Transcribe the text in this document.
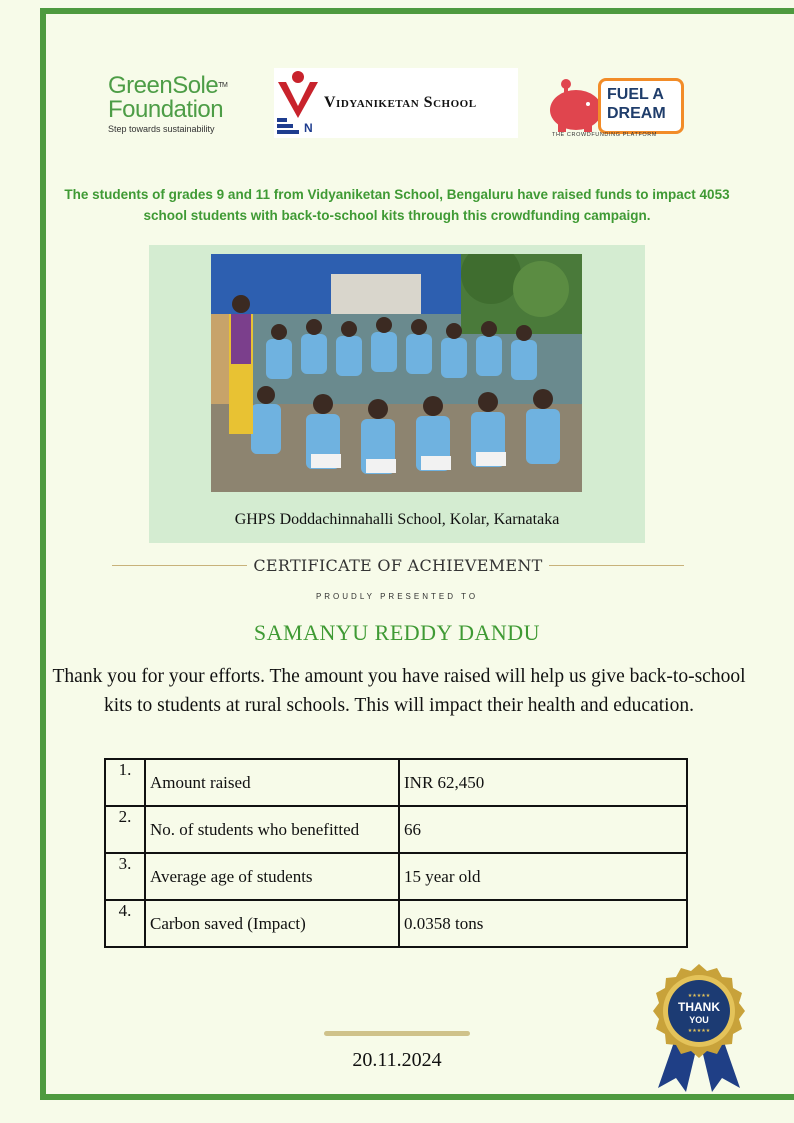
GreenSole™
Foundation
Step towards sustainability	N
Vidyaniketan School	FUEL A
DREAM
THE CROWDFUNDING PLATFORM
The students of grades 9 and 11 from Vidyaniketan School, Bengaluru have raised funds to impact 4053 school students with back-to-school kits through this crowdfunding campaign.
GHPS Doddachinnahalli School, Kolar, Karnataka
CERTIFICATE OF ACHIEVEMENT
PROUDLY PRESENTED TO
SAMANYU REDDY DANDU
Thank you for your efforts. The amount you have raised will help us give back-to-school kits to students at rural schools. This will impact their health and education.
1.	Amount raised	INR 62,450
2.	No. of students who benefitted	66
3.	Average age of students	15 year old
4.	Carbon saved (Impact)	0.0358 tons
20.11.2024
★★★★★
THANK
YOU
★★★★★
